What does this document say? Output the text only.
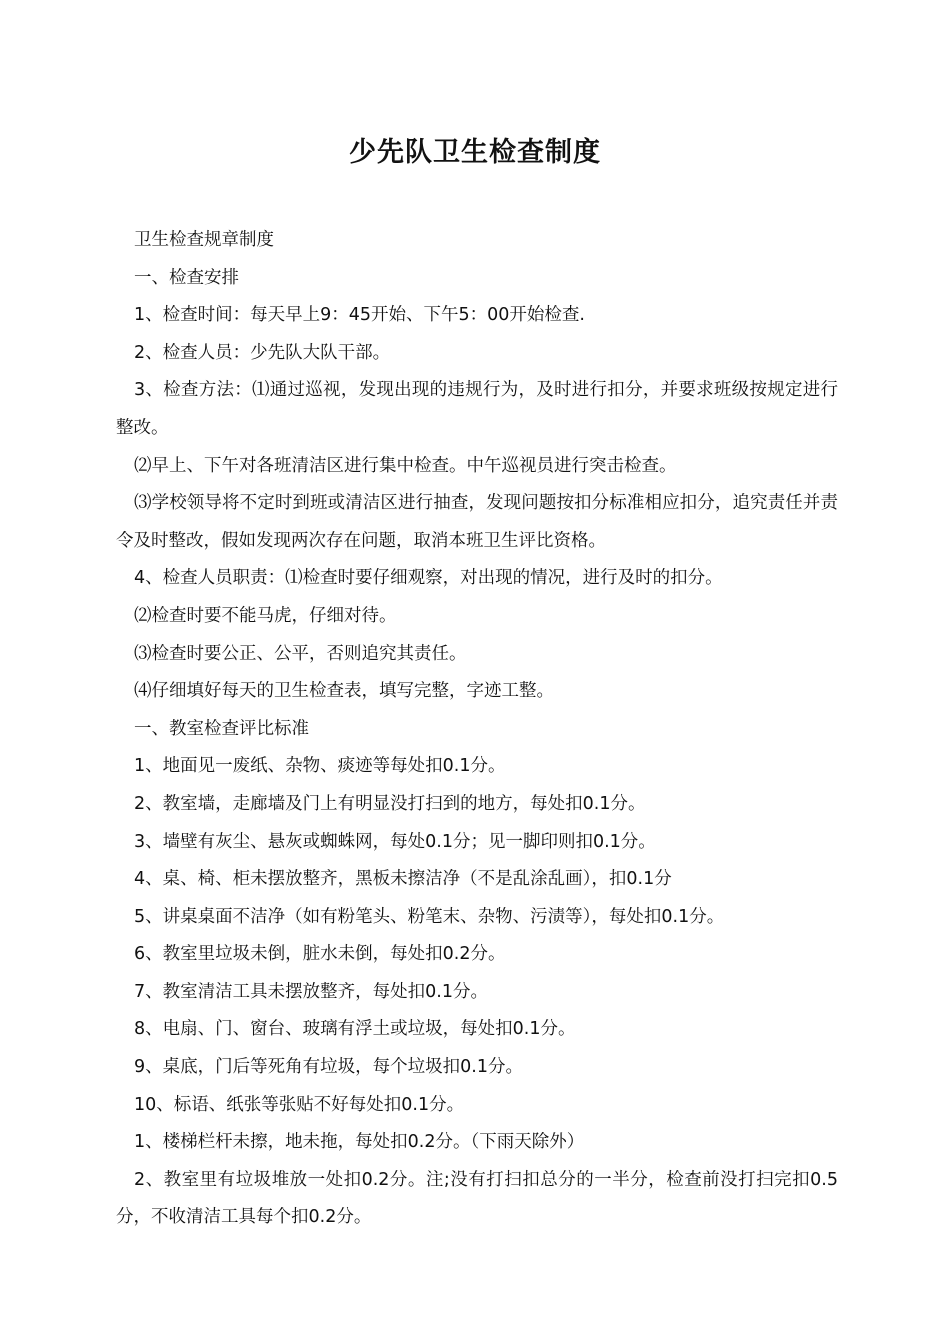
少先队卫生检查制度

卫生检查规章制度

一、检查安排

1、检查时间：每天早上9：45开始、下午5：00开始检查.

2、检查人员：少先队大队干部。

3、检查方法：⑴通过巡视，发现出现的违规行为，及时进行扣分，并要求班级按规定进行整改。

⑵早上、下午对各班清洁区进行集中检查。中午巡视员进行突击检查。

⑶学校领导将不定时到班或清洁区进行抽查，发现问题按扣分标准相应扣分，追究责任并责令及时整改，假如发现两次存在问题，取消本班卫生评比资格。

4、检查人员职责：⑴检查时要仔细观察，对出现的情况，进行及时的扣分。

⑵检查时要不能马虎，仔细对待。

⑶检查时要公正、公平，否则追究其责任。

⑷仔细填好每天的卫生检查表，填写完整，字迹工整。

一、教室检查评比标准

1、地面见一废纸、杂物、痰迹等每处扣0.1分。

2、教室墙，走廊墙及门上有明显没打扫到的地方，每处扣0.1分。

3、墙壁有灰尘、悬灰或蜘蛛网，每处0.1分；见一脚印则扣0.1分。

4、桌、椅、柜未摆放整齐，黑板未擦洁净（不是乱涂乱画），扣0.1分

5、讲桌桌面不洁净（如有粉笔头、粉笔末、杂物、污渍等），每处扣0.1分。

6、教室里垃圾未倒，脏水未倒，每处扣0.2分。

7、教室清洁工具未摆放整齐，每处扣0.1分。

8、电扇、门、窗台、玻璃有浮土或垃圾，每处扣0.1分。

9、桌底，门后等死角有垃圾，每个垃圾扣0.1分。

10、标语、纸张等张贴不好每处扣0.1分。

1、楼梯栏杆未擦，地未拖，每处扣0.2分。（下雨天除外）

2、教室里有垃圾堆放一处扣0.2分。注;没有打扫扣总分的一半分，检查前没打扫完扣0.5分，不收清洁工具每个扣0.2分。
